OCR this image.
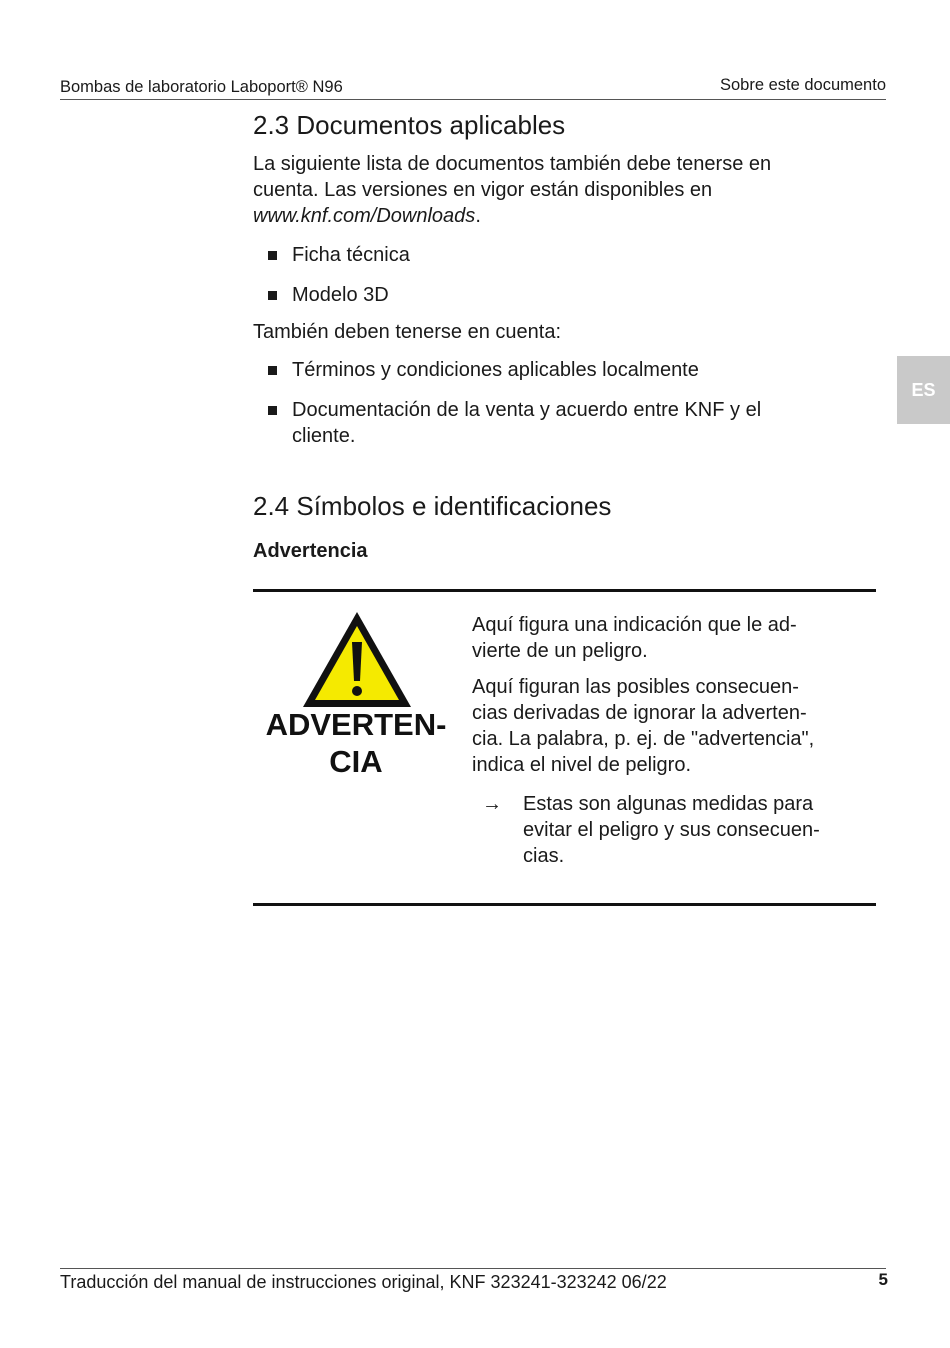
Bombas de laboratorio Laboport® N96	Sobre este documento
ES
2.3 Documentos aplicables
La siguiente lista de documentos también debe tenerse en
cuenta. Las versiones en vigor están disponibles en
www.knf.com/Downloads.
Ficha técnica
Modelo 3D
También deben tenerse en cuenta:
Términos y condiciones aplicables localmente
Documentación de la venta y acuerdo entre KNF y el
cliente.
2.4 Símbolos e identificaciones
Advertencia
ADVERTEN-
CIA
Aquí figura una indicación que le ad-
vierte de un peligro.
Aquí figuran las posibles consecuen-
cias derivadas de ignorar la adverten-
cia. La palabra, p. ej. de "advertencia",
indica el nivel de peligro.
→ Estas son algunas medidas para
evitar el peligro y sus consecuen-
cias.
Traducción del manual de instrucciones original, KNF 323241-323242 06/22	5
